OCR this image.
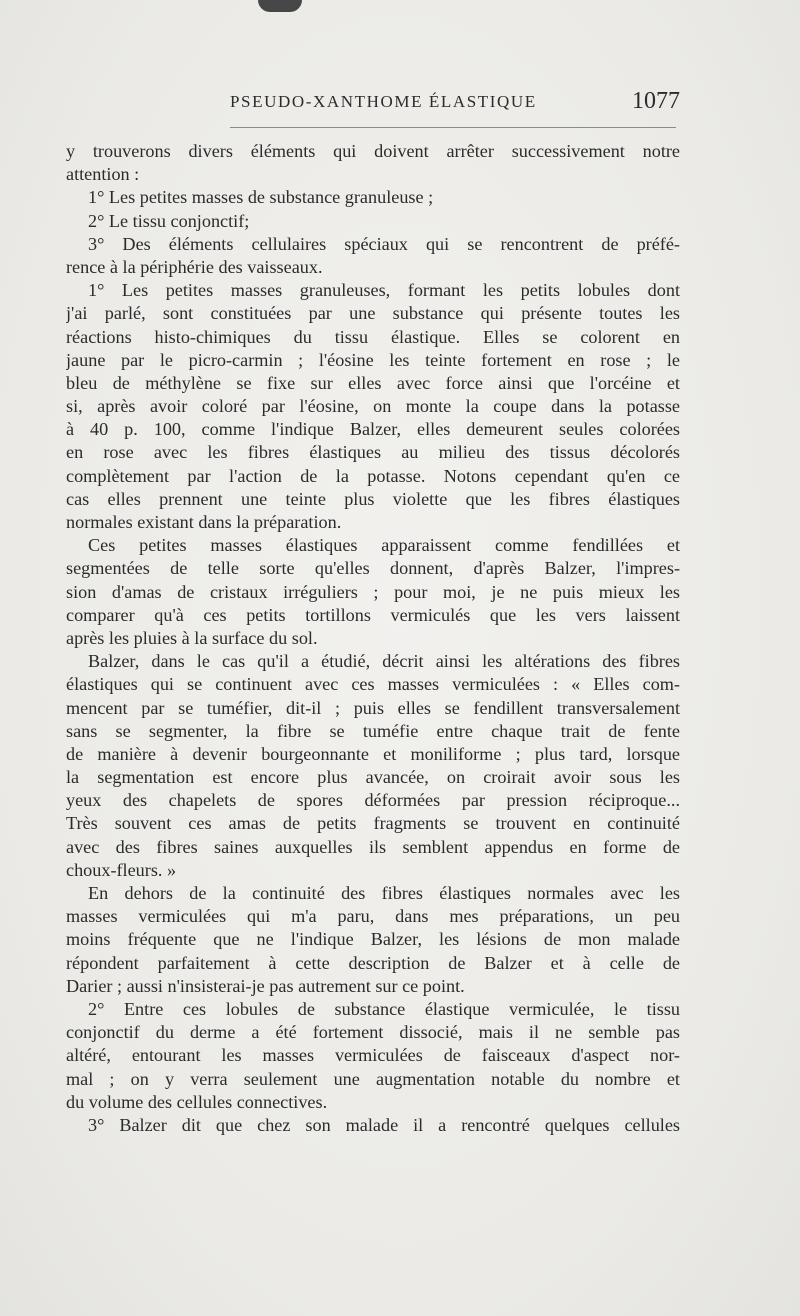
PSEUDO-XANTHOME ÉLASTIQUE	1077
y trouverons divers éléments qui doivent arrêter successivement notre
attention :
1° Les petites masses de substance granuleuse ;
2° Le tissu conjonctif;
3° Des éléments cellulaires spéciaux qui se rencontrent de préfé-
rence à la périphérie des vaisseaux.
1° Les petites masses granuleuses, formant les petits lobules dont
j'ai parlé, sont constituées par une substance qui présente toutes les
réactions histo-chimiques du tissu élastique. Elles se colorent en
jaune par le picro-carmin ; l'éosine les teinte fortement en rose ; le
bleu de méthylène se fixe sur elles avec force ainsi que l'orcéine et
si, après avoir coloré par l'éosine, on monte la coupe dans la potasse
à 40 p. 100, comme l'indique Balzer, elles demeurent seules colorées
en rose avec les fibres élastiques au milieu des tissus décolorés
complètement par l'action de la potasse. Notons cependant qu'en ce
cas elles prennent une teinte plus violette que les fibres élastiques
normales existant dans la préparation.
Ces petites masses élastiques apparaissent comme fendillées et
segmentées de telle sorte qu'elles donnent, d'après Balzer, l'impres-
sion d'amas de cristaux irréguliers ; pour moi, je ne puis mieux les
comparer qu'à ces petits tortillons vermiculés que les vers laissent
après les pluies à la surface du sol.
Balzer, dans le cas qu'il a étudié, décrit ainsi les altérations des fibres
élastiques qui se continuent avec ces masses vermiculées : « Elles com-
mencent par se tuméfier, dit-il ; puis elles se fendillent transversalement
sans se segmenter, la fibre se tuméfie entre chaque trait de fente
de manière à devenir bourgeonnante et moniliforme ; plus tard, lorsque
la segmentation est encore plus avancée, on croirait avoir sous les
yeux des chapelets de spores déformées par pression réciproque...
Très souvent ces amas de petits fragments se trouvent en continuité
avec des fibres saines auxquelles ils semblent appendus en forme de
choux-fleurs. »
En dehors de la continuité des fibres élastiques normales avec les
masses vermiculées qui m'a paru, dans mes préparations, un peu
moins fréquente que ne l'indique Balzer, les lésions de mon malade
répondent parfaitement à cette description de Balzer et à celle de
Darier ; aussi n'insisterai-je pas autrement sur ce point.
2° Entre ces lobules de substance élastique vermiculée, le tissu
conjonctif du derme a été fortement dissocié, mais il ne semble pas
altéré, entourant les masses vermiculées de faisceaux d'aspect nor-
mal ; on y verra seulement une augmentation notable du nombre et
du volume des cellules connectives.
3° Balzer dit que chez son malade il a rencontré quelques cellules
